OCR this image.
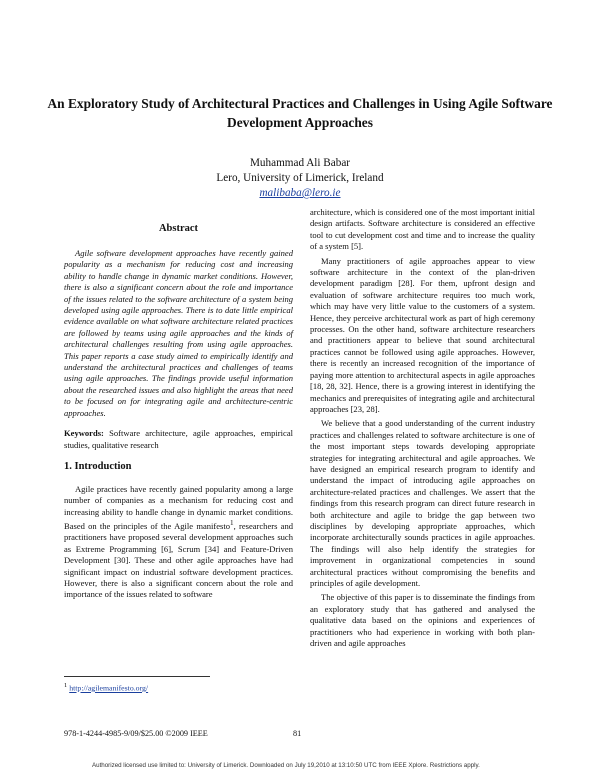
An Exploratory Study of Architectural Practices and Challenges in Using Agile Software Development Approaches
Muhammad Ali Babar
Lero, University of Limerick, Ireland
malibaba@lero.ie
Abstract

Agile software development approaches have recently gained popularity as a mechanism for reducing cost and increasing ability to handle change in dynamic market conditions. However, there is also a significant concern about the role and importance of the issues related to the software architecture of a system being developed using agile approaches. There is to date little empirical evidence available on what software architecture related practices are followed by teams using agile approaches and the kinds of architectural challenges resulting from using agile approaches. This paper reports a case study aimed to empirically identify and understand the architectural practices and challenges of teams using agile approaches. The findings provide useful information about the researched issues and also highlight the areas that need to be focused on for integrating agile and architecture-centric approaches.

Keywords: Software architecture, agile approaches, empirical studies, qualitative research

1. Introduction

Agile practices have recently gained popularity among a large number of companies as a mechanism for reducing cost and increasing ability to handle change in dynamic market conditions. Based on the principles of the Agile manifesto$^1$, researchers and practitioners have proposed several development approaches such as Extreme Programming [6], Scrum [34] and Feature-Driven Development [30]. These and other agile approaches have had significant impact on industrial software development practices. However, there is also a significant concern about the role and importance of the issues related to software

architecture, which is considered one of the most important initial design artifacts. Software architecture is considered an effective tool to cut development cost and time and to increase the quality of a system [5].

Many practitioners of agile approaches appear to view software architecture in the context of the plan-driven development paradigm [28]. For them, upfront design and evaluation of software architecture requires too much work, which may have very little value to the customers of a system. Hence, they perceive architectural work as part of high ceremony processes. On the other hand, software architecture researchers and practitioners appear to believe that sound architectural practices cannot be followed using agile approaches. However, there is recently an increased recognition of the importance of paying more attention to architectural aspects in agile approaches [18, 28, 32]. Hence, there is a growing interest in identifying the mechanics and prerequisites of integrating agile and architectural approaches [23, 28].

We believe that a good understanding of the current industry practices and challenges related to software architecture is one of the most important steps towards developing appropriate strategies for integrating architectural and agile approaches. We have designed an empirical research program to identify and understand the impact of introducing agile approaches on architecture-related practices and challenges. We assert that the findings from this research program can direct future research in both architecture and agile to bridge the gap between two disciplines by developing appropriate approaches, which incorporate architecturally sounds practices in agile approaches. The findings will also help identify the strategies for improvement in organizational competencies in sound architectural practices without compromising the benefits and principles of agile development.

The objective of this paper is to disseminate the findings from an exploratory study that has gathered and analysed the qualitative data based on the opinions and experiences of practitioners who had experience in working with both plan-driven and agile approaches

$^1$ http://agilemanifesto.org/
978-1-4244-4985-9/09/$25.00 ©2009 IEEE	81
Authorized licensed use limited to: University of Limerick. Downloaded on July 19,2010 at 13:10:50 UTC from IEEE Xplore. Restrictions apply.
